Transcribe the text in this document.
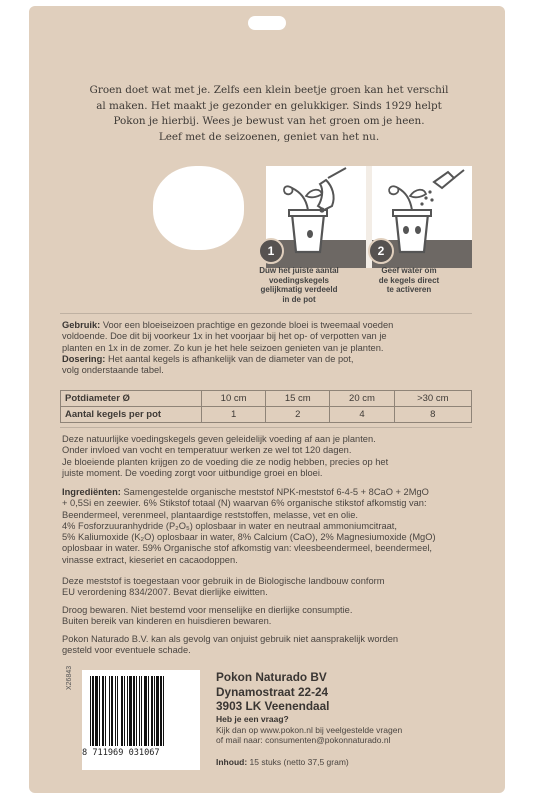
Groen doet wat met je. Zelfs een klein beetje groen kan het verschil
al maken. Het maakt je gezonder en gelukkiger. Sinds 1929 helpt
Pokon je hierbij. Wees je bewust van het groen om je heen.
Leef met de seizoenen, geniet van het nu.
1	2
Duw het juiste aantal
voedingskegels
gelijkmatig verdeeld
in de pot
Geef water om
de kegels direct
te activeren
Gebruik: Voor een bloeiseizoen prachtige en gezonde bloei is tweemaal voeden
voldoende. Doe dit bij voorkeur 1x in het voorjaar bij het op- of verpotten van je
planten en 1x in de zomer. Zo kun je het hele seizoen genieten van je planten.
Dosering: Het aantal kegels is afhankelijk van de diameter van de pot,
volg onderstaande tabel.
Potdiameter Ø	10 cm	15 cm	20 cm	>30 cm
Aantal kegels per pot	1	2	4	8
Deze natuurlijke voedingskegels geven geleidelijk voeding af aan je planten.
Onder invloed van vocht en temperatuur werken ze wel tot 120 dagen.
Je bloeiende planten krijgen zo de voeding die ze nodig hebben, precies op het
juiste moment. De voeding zorgt voor uitbundige groei en bloei.
Ingrediënten: Samengestelde organische meststof NPK-meststof 6-4-5 + 8CaO + 2MgO
+ 0,5Si en zeewier. 6% Stikstof totaal (N) waarvan 6% organische stikstof afkomstig van:
Beendermeel, verenmeel, plantaardige reststoffen, melasse, vet en olie.
4% Fosforzuuranhydride (P₂O₅) oplosbaar in water en neutraal ammoniumcitraat,
5% Kaliumoxide (K₂O) oplosbaar in water, 8% Calcium (CaO), 2% Magnesiumoxide (MgO)
oplosbaar in water. 59% Organische stof afkomstig van: vleesbeendermeel, beendermeel,
vinasse extract, kieseriet en cacaodoppen.
Deze meststof is toegestaan voor gebruik in de Biologische landbouw conform
EU verordening 834/2007. Bevat dierlijke eiwitten.
Droog bewaren. Niet bestemd voor menselijke en dierlijke consumptie.
Buiten bereik van kinderen en huisdieren bewaren.
Pokon Naturado B.V. kan als gevolg van onjuist gebruik niet aansprakelijk worden
gesteld voor eventuele schade.
X26843
8 711969 031067
Pokon Naturado BV
Dynamostraat 22-24
3903 LK Veenendaal
Heb je een vraag?
Kijk dan op www.pokon.nl bij veelgestelde vragen
of mail naar: consumenten@pokonnaturado.nl
Inhoud: 15 stuks (netto 37,5 gram)
